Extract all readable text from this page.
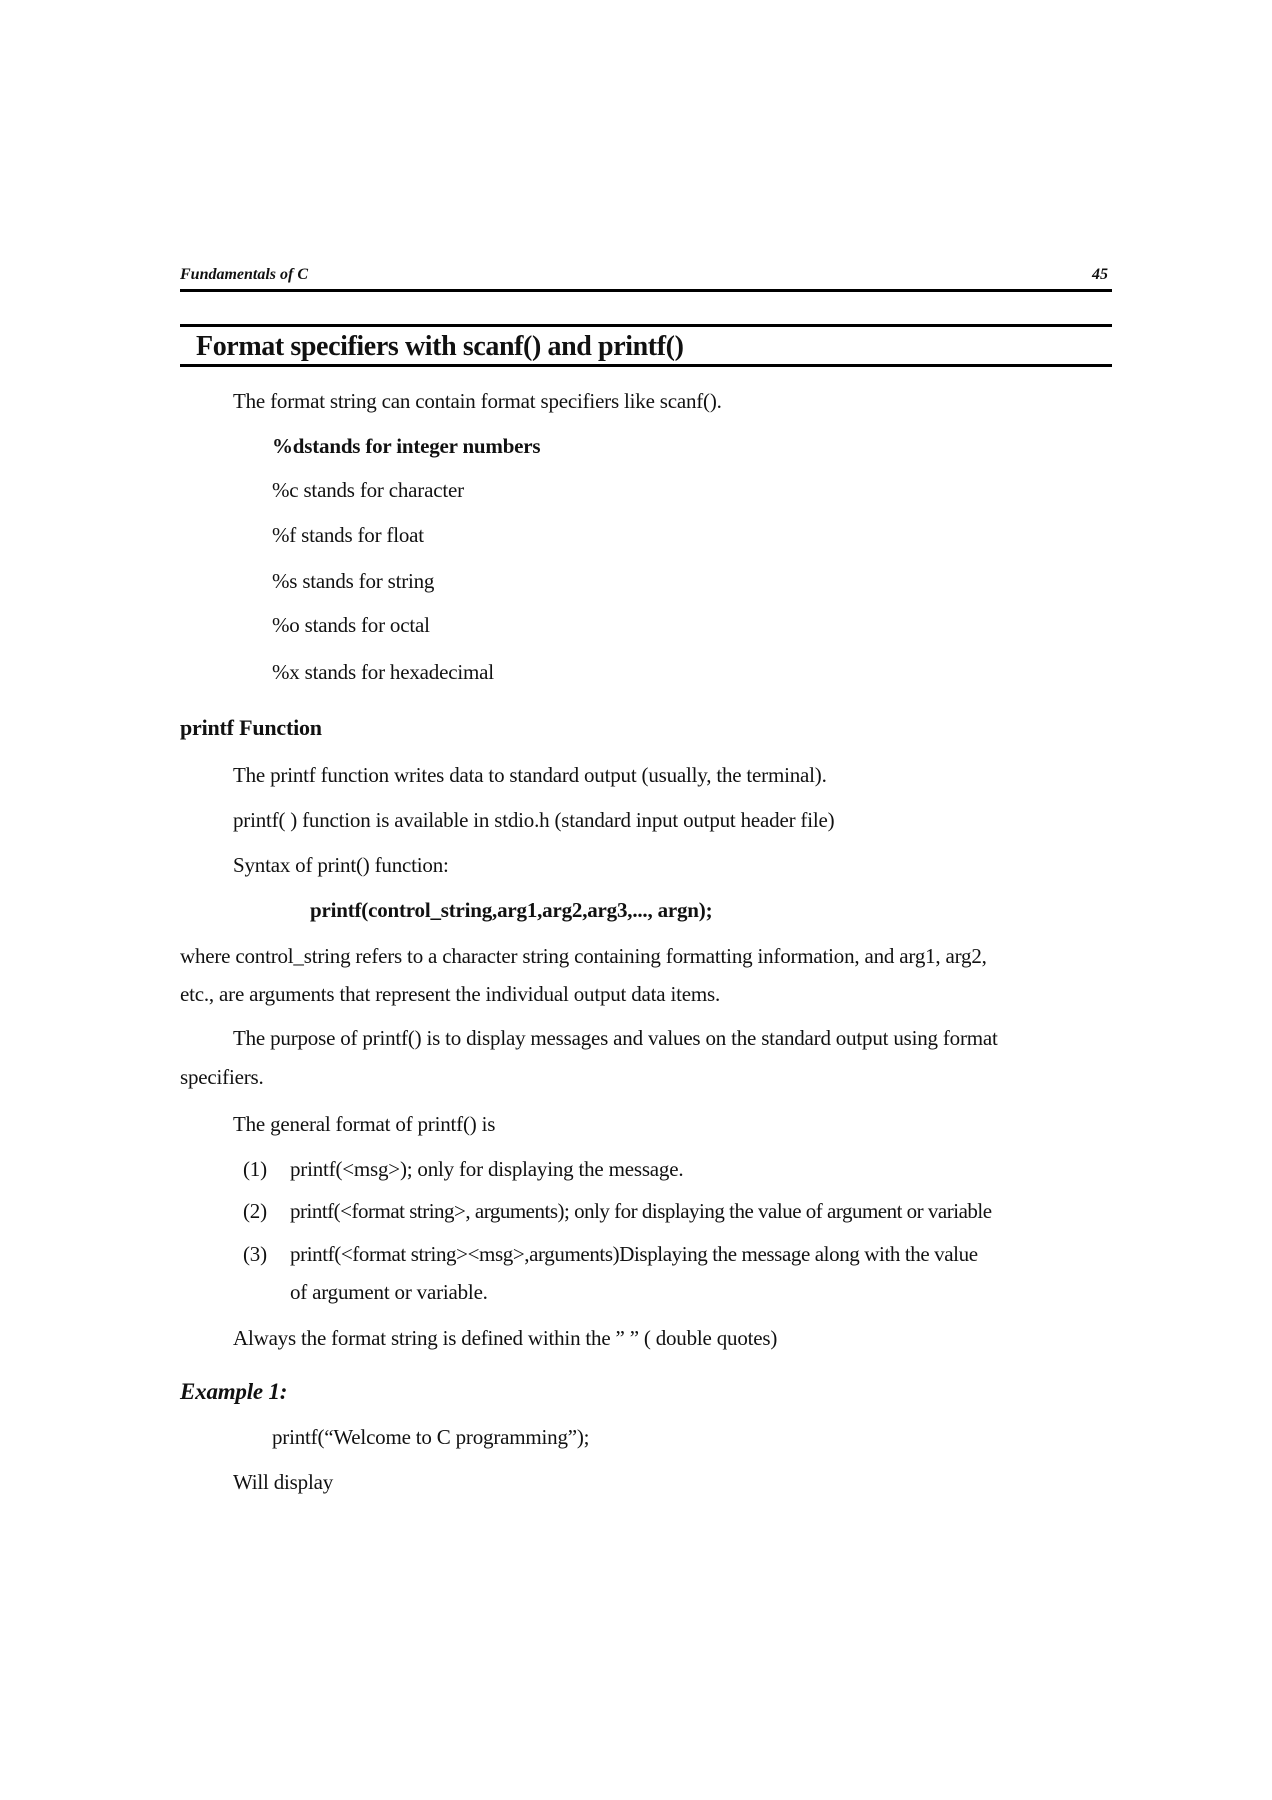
Fundamentals of C	45
Format specifiers with scanf() and printf()
The format string can contain format specifiers like scanf().
%dstands for integer numbers
%c stands for character
%f stands for float
%s stands for string
%o stands for octal
%x stands for hexadecimal
printf Function
The printf function writes data to standard output (usually, the terminal).
printf( ) function is available in stdio.h (standard input output header file)
Syntax of print() function:
printf(control_string,arg1,arg2,arg3,..., argn);
where control_string refers to a character string containing formatting information, and arg1, arg2,
etc., are arguments that represent the individual output data items.
The purpose of printf() is to display messages and values on the standard output using format
specifiers.
The general format of printf() is
(1) printf(<msg>); only for displaying the message.
(2) printf(<format string>, arguments); only for displaying the value of argument or variable
(3) printf(<format string><msg>,arguments)Displaying the message along with the value
of argument or variable.
Always the format string is defined within the ” ” ( double quotes)
Example 1:
printf(“Welcome to C programming”);
Will display
